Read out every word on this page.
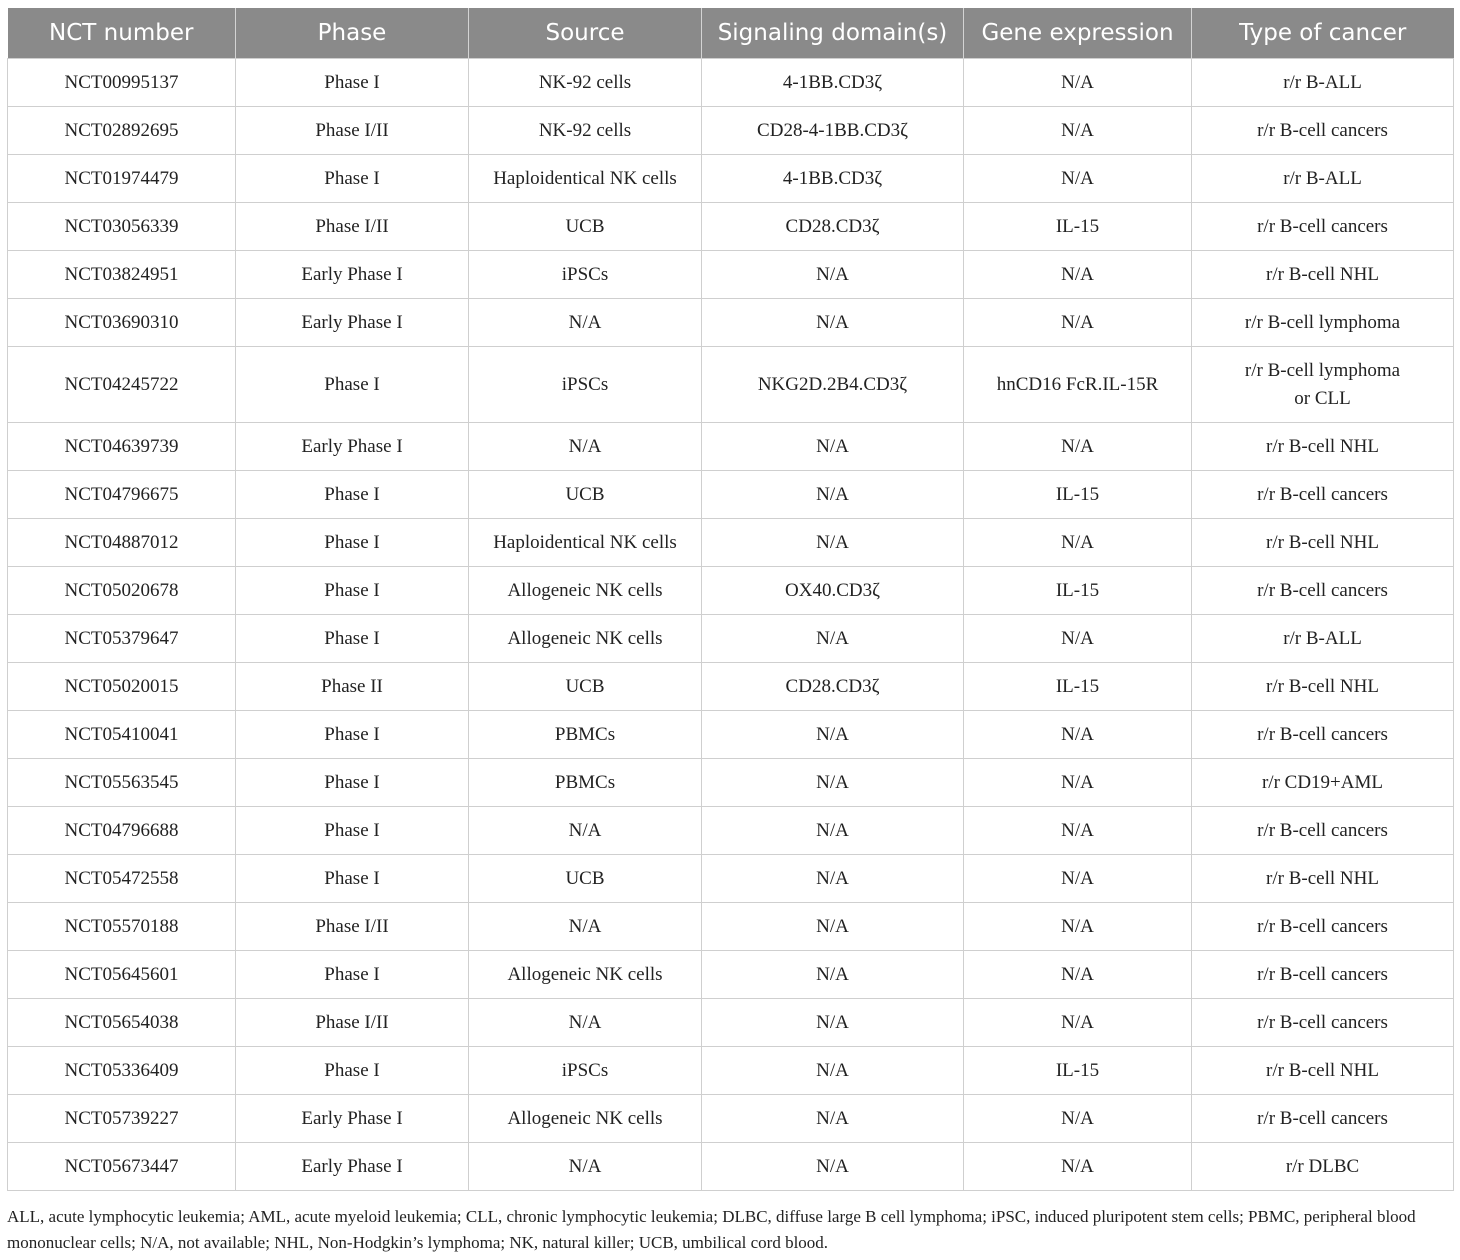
NCT number	Phase	Source	Signaling domain(s)	Gene expression	Type of cancer
NCT00995137	Phase I	NK-92 cells	4-1BB.CD3ζ	N/A	r/r B-ALL
NCT02892695	Phase I/II	NK-92 cells	CD28-4-1BB.CD3ζ	N/A	r/r B-cell cancers
NCT01974479	Phase I	Haploidentical NK cells	4-1BB.CD3ζ	N/A	r/r B-ALL
NCT03056339	Phase I/II	UCB	CD28.CD3ζ	IL-15	r/r B-cell cancers
NCT03824951	Early Phase I	iPSCs	N/A	N/A	r/r B-cell NHL
NCT03690310	Early Phase I	N/A	N/A	N/A	r/r B-cell lymphoma
NCT04245722	Phase I	iPSCs	NKG2D.2B4.CD3ζ	hnCD16 FcR.IL-15R	r/r B-cell lymphoma
or CLL

NCT04639739	Early Phase I	N/A	N/A	N/A	r/r B-cell NHL
NCT04796675	Phase I	UCB	N/A	IL-15	r/r B-cell cancers
NCT04887012	Phase I	Haploidentical NK cells	N/A	N/A	r/r B-cell NHL
NCT05020678	Phase I	Allogeneic NK cells	OX40.CD3ζ	IL-15	r/r B-cell cancers
NCT05379647	Phase I	Allogeneic NK cells	N/A	N/A	r/r B-ALL
NCT05020015	Phase II	UCB	CD28.CD3ζ	IL-15	r/r B-cell NHL
NCT05410041	Phase I	PBMCs	N/A	N/A	r/r B-cell cancers
NCT05563545	Phase I	PBMCs	N/A	N/A	r/r CD19+AML
NCT04796688	Phase I	N/A	N/A	N/A	r/r B-cell cancers
NCT05472558	Phase I	UCB	N/A	N/A	r/r B-cell NHL
NCT05570188	Phase I/II	N/A	N/A	N/A	r/r B-cell cancers
NCT05645601	Phase I	Allogeneic NK cells	N/A	N/A	r/r B-cell cancers
NCT05654038	Phase I/II	N/A	N/A	N/A	r/r B-cell cancers
NCT05336409	Phase I	iPSCs	N/A	IL-15	r/r B-cell NHL
NCT05739227	Early Phase I	Allogeneic NK cells	N/A	N/A	r/r B-cell cancers
NCT05673447	Early Phase I	N/A	N/A	N/A	r/r DLBC
ALL, acute lymphocytic leukemia; AML, acute myeloid leukemia; CLL, chronic lymphocytic leukemia; DLBC, diffuse large B cell lymphoma; iPSC, induced pluripotent stem cells; PBMC, peripheral blood mononuclear cells; N/A, not available; NHL, Non-Hodgkin’s lymphoma; NK, natural killer; UCB, umbilical cord blood.
